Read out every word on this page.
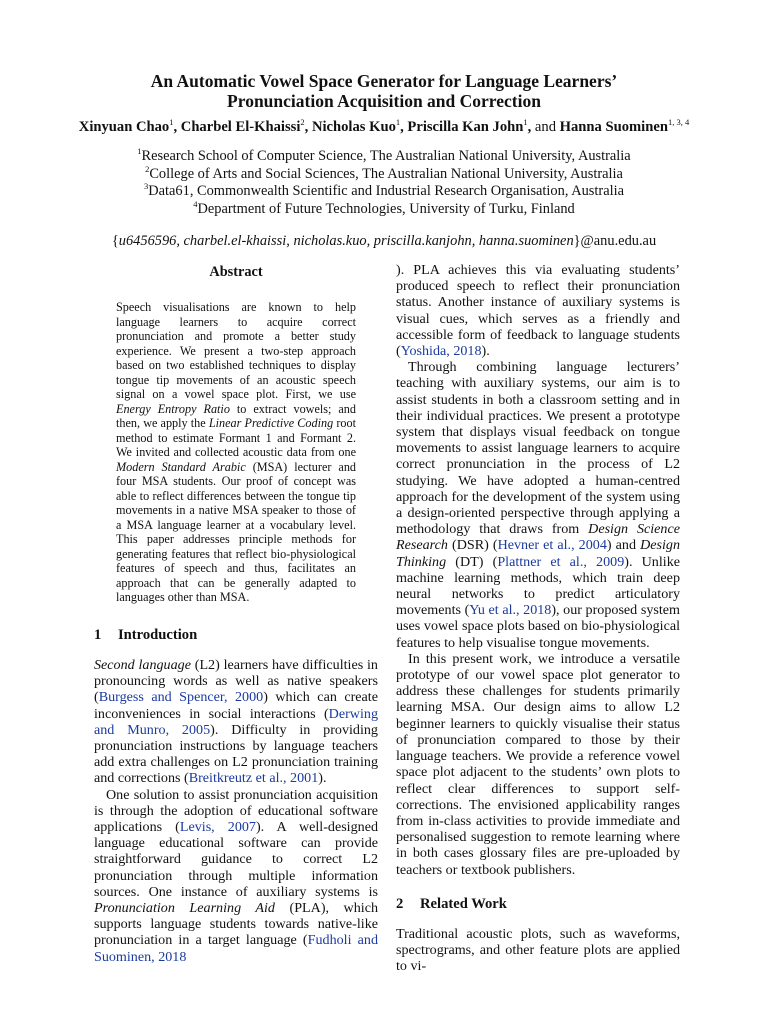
An Automatic Vowel Space Generator for Language Learners’
Pronunciation Acquisition and Correction
Xinyuan Chao$^1$, Charbel El-Khaissi$^2$, Nicholas Kuo$^1$, Priscilla Kan John$^1$, and Hanna Suominen$^{1, 3, 4}$
$^1$Research School of Computer Science, The Australian National University, Australia
$^2$College of Arts and Social Sciences, The Australian National University, Australia
$^3$Data61, Commonwealth Scientific and Industrial Research Organisation, Australia
$^4$Department of Future Technologies, University of Turku, Finland
{u6456596, charbel.el-khaissi, nicholas.kuo, priscilla.kanjohn, hanna.suominen}@anu.edu.au
Abstract

Speech visualisations are known to help language learners to acquire correct pronunciation and promote a better study experience. We present a two-step approach based on two established techniques to display tongue tip movements of an acoustic speech signal on a vowel space plot. First, we use Energy Entropy Ratio to extract vowels; and then, we apply the Linear Predictive Coding root method to estimate Formant 1 and Formant 2. We invited and collected acoustic data from one Modern Standard Arabic (MSA) lecturer and four MSA students. Our proof of concept was able to reflect differences between the tongue tip movements in a native MSA speaker to those of a MSA language learner at a vocabulary level. This paper addresses principle methods for generating features that reflect bio-physiological features of speech and thus, facilitates an approach that can be generally adapted to languages other than MSA.

1 Introduction

Second language (L2) learners have difficulties in pronouncing words as well as native speakers (Burgess and Spencer, 2000) which can create inconveniences in social interactions (Derwing and Munro, 2005). Difficulty in providing pronunciation instructions by language teachers add extra challenges on L2 pronunciation training and corrections (Breitkreutz et al., 2001).

One solution to assist pronunciation acquisition is through the adoption of educational software applications (Levis, 2007). A well-designed language educational software can provide straightforward guidance to correct L2 pronunciation through multiple information sources. One instance of auxiliary systems is Pronunciation Learning Aid (PLA), which supports language students towards native-like pronunciation in a target language (Fudholi and Suominen, 2018

). PLA achieves this via evaluating students’ produced speech to reflect their pronunciation status. Another instance of auxiliary systems is visual cues, which serves as a friendly and accessible form of feedback to language students (Yoshida, 2018).

Through combining language lecturers’ teaching with auxiliary systems, our aim is to assist students in both a classroom setting and in their individual practices. We present a prototype system that displays visual feedback on tongue movements to assist language learners to acquire correct pronunciation in the process of L2 studying. We have adopted a human-centred approach for the development of the system using a design-oriented perspective through applying a methodology that draws from Design Science Research (DSR) (Hevner et al., 2004) and Design Thinking (DT) (Plattner et al., 2009). Unlike machine learning methods, which train deep neural networks to predict articulatory movements (Yu et al., 2018), our proposed system uses vowel space plots based on bio-physiological features to help visualise tongue movements.

In this present work, we introduce a versatile prototype of our vowel space plot generator to address these challenges for students primarily learning MSA. Our design aims to allow L2 beginner learners to quickly visualise their status of pronunciation compared to those by their language teachers. We provide a reference vowel space plot adjacent to the students’ own plots to reflect clear differences to support self-corrections. The envisioned applicability ranges from in-class activities to provide immediate and personalised suggestion to remote learning where in both cases glossary files are pre-uploaded by teachers or textbook publishers.

2 Related Work

Traditional acoustic plots, such as waveforms, spectrograms, and other feature plots are applied to vi-
